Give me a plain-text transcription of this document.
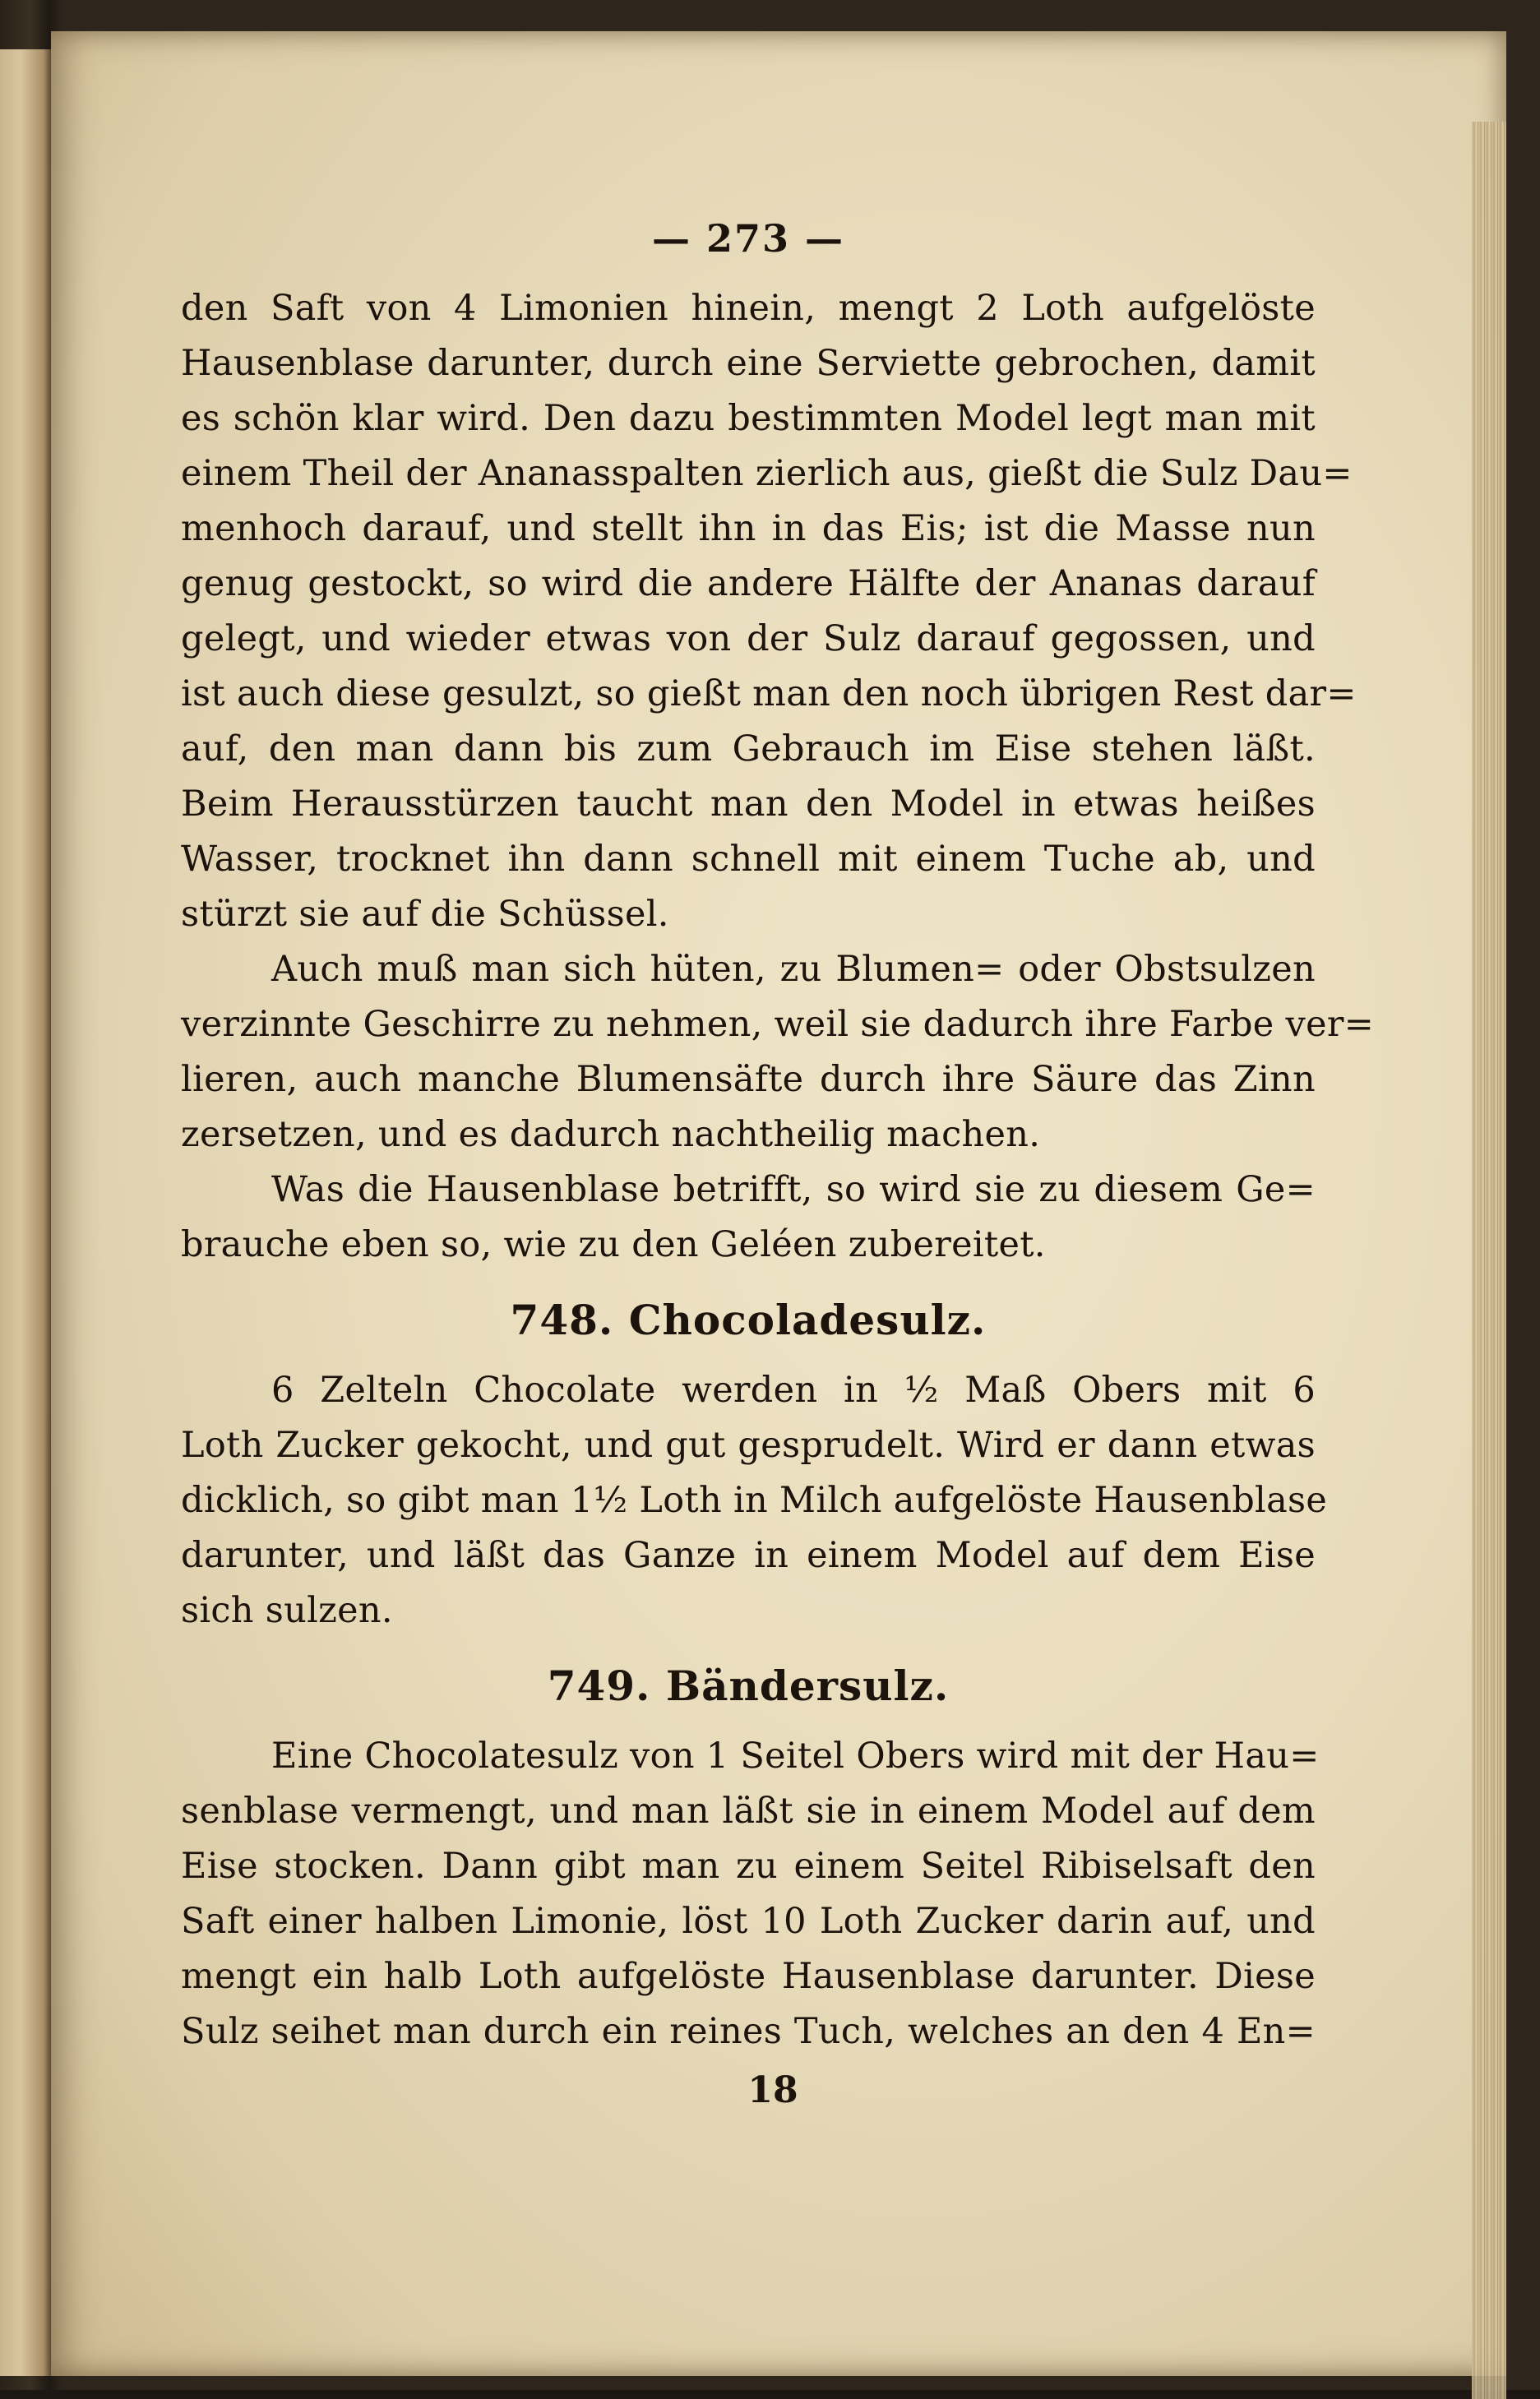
— 273 —
den Saft von 4 Limonien hinein, mengt 2 Loth aufgelöste
Hausenblase darunter, durch eine Serviette gebrochen, damit
es schön klar wird. Den dazu bestimmten Model legt man mit
einem Theil der Ananasspalten zierlich aus, gießt die Sulz Dau=
menhoch darauf, und stellt ihn in das Eis; ist die Masse nun
genug gestockt, so wird die andere Hälfte der Ananas darauf
gelegt, und wieder etwas von der Sulz darauf gegossen, und
ist auch diese gesulzt, so gießt man den noch übrigen Rest dar=
auf, den man dann bis zum Gebrauch im Eise stehen läßt.
Beim Herausstürzen taucht man den Model in etwas heißes
Wasser, trocknet ihn dann schnell mit einem Tuche ab, und
stürzt sie auf die Schüssel.
Auch muß man sich hüten, zu Blumen= oder Obstsulzen
verzinnte Geschirre zu nehmen, weil sie dadurch ihre Farbe ver=
lieren, auch manche Blumensäfte durch ihre Säure das Zinn
zersetzen, und es dadurch nachtheilig machen.
Was die Hausenblase betrifft, so wird sie zu diesem Ge=
brauche eben so, wie zu den Geléen zubereitet.
748. Chocoladesulz.
6 Zelteln Chocolate werden in ½ Maß Obers mit 6
Loth Zucker gekocht, und gut gesprudelt. Wird er dann etwas
dicklich, so gibt man 1½ Loth in Milch aufgelöste Hausenblase
darunter, und läßt das Ganze in einem Model auf dem Eise
sich sulzen.
749. Bändersulz.
Eine Chocolatesulz von 1 Seitel Obers wird mit der Hau=
senblase vermengt, und man läßt sie in einem Model auf dem
Eise stocken. Dann gibt man zu einem Seitel Ribiselsaft den
Saft einer halben Limonie, löst 10 Loth Zucker darin auf, und
mengt ein halb Loth aufgelöste Hausenblase darunter. Diese
Sulz seihet man durch ein reines Tuch, welches an den 4 En=
18
